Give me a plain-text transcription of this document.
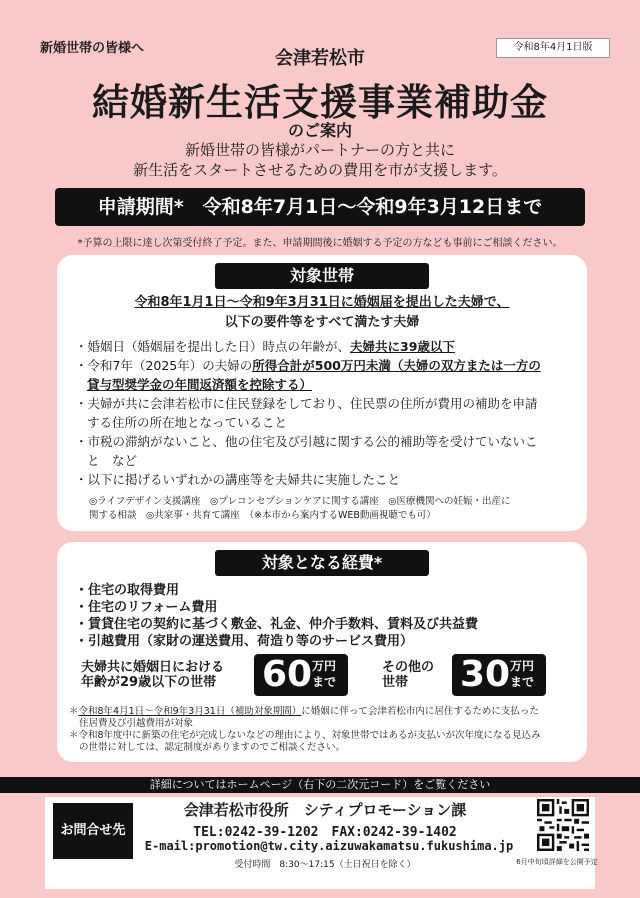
新婚世帯の皆様へ	令和8年4月1日版
会津若松市
結婚新生活支援事業補助金
のご案内
新婚世帯の皆様がパートナーの方と共に
新生活をスタートさせるための費用を市が支援します。
申請期間*　令和8年7月1日～令和9年3月12日まで
*予算の上限に達し次第受付終了予定。また、申請期間後に婚姻する予定の方なども事前にご相談ください。
対象世帯
令和8年1月1日～令和9年3月31日に婚姻届を提出した夫婦で、
以下の要件等をすべて満たす夫婦
・婚姻日（婚姻届を提出した日）時点の年齢が、夫婦共に39歳以下
・令和7年（2025年）の夫婦の所得合計が500万円未満（夫婦の双方または一方の
貸与型奨学金の年間返済額を控除する）
・夫婦が共に会津若松市に住民登録をしており、住民票の住所が費用の補助を申請
する住所の所在地となっていること
・市税の滞納がないこと、他の住宅及び引越に関する公的補助等を受けていないこ
と　など
・以下に掲げるいずれかの講座等を夫婦共に実施したこと
◎ライフデザイン支援講座　◎プレコンセプションケアに関する講座　◎医療機関への妊娠・出産に
関する相談　◎共家事・共育て講座　（※本市から案内するWEB動画視聴でも可）
対象となる経費*
・住宅の取得費用
・住宅のリフォーム費用
・賃貸住宅の契約に基づく敷金、礼金、仲介手数料、賃料及び共益費
・引越費用（家財の運送費用、荷造り等のサービス費用）
夫婦共に婚姻日における
年齢が29歳以下の世帯 60 万円
まで
その他の
世帯	30 万円
まで
＊令和8年4月1日～令和9年3月31日（補助対象期間）に婚姻に伴って会津若松市内に居住するために支払った
住居費及び引越費用が対象
＊令和8年度中に新築の住宅が完成しないなどの理由により、対象世帯ではあるが支払いが次年度になる見込み
の世帯に対しては、認定制度がありますのでご相談ください。
詳細についてはホームページ（右下の二次元コード）をご覧ください
お問合せ先
会津若松市役所　シティプロモーション課
TEL:0242-39-1202　FAX:0242-39-1402
E-mail:promotion@tw.city.aizuwakamatsu.fukushima.jp
受付時間　8:30～17:15（土日祝日を除く）	6月中旬頃詳細を公開予定
